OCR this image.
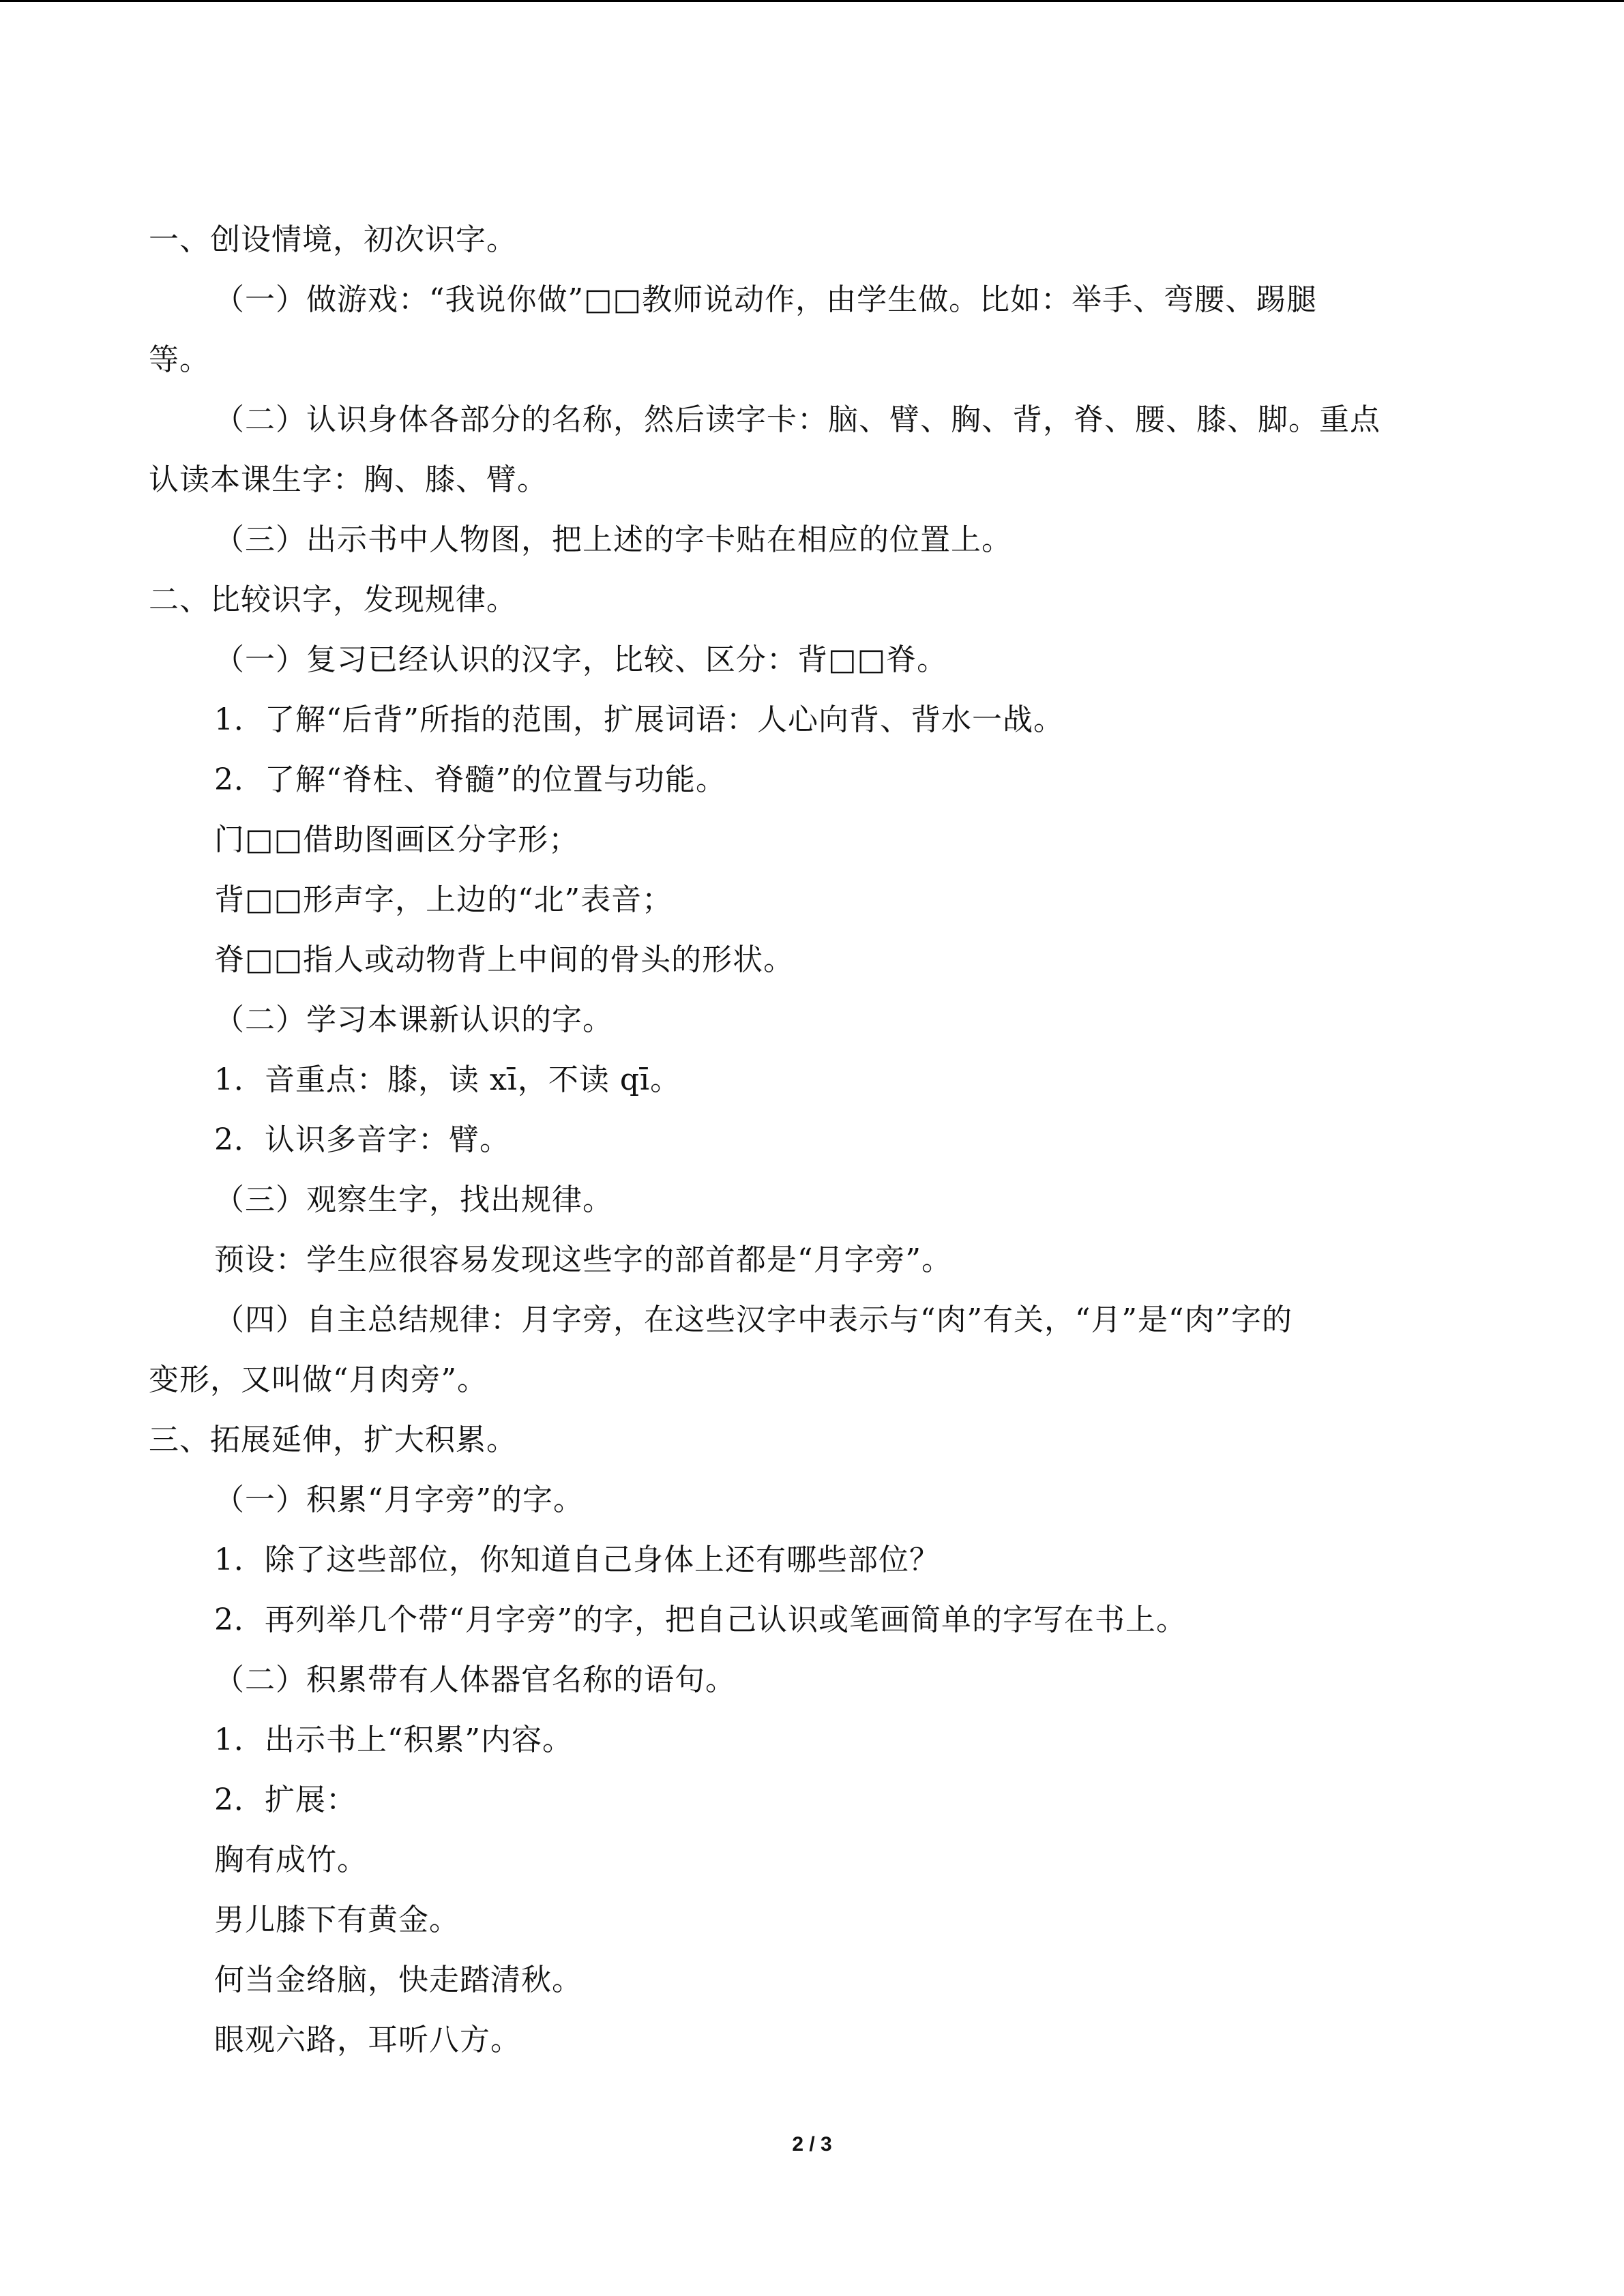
一、创设情境，初次识字。
（一）做游戏：“我说你做”□□教师说动作，由学生做。比如：举手、弯腰、踢腿
等。
（二）认识身体各部分的名称，然后读字卡：脑、臂、胸、背，脊、腰、膝、脚。重点
认读本课生字：胸、膝、臂。
（三）出示书中人物图，把上述的字卡贴在相应的位置上。
二、比较识字，发现规律。
（一）复习已经认识的汉字，比较、区分：背□□脊。
1．了解“后背”所指的范围，扩展词语：人心向背、背水一战。
2．了解“脊柱、脊髓”的位置与功能。
门□□借助图画区分字形；
背□□形声字，上边的“北”表音；
脊□□指人或动物背上中间的骨头的形状。
（二）学习本课新认识的字。
1．音重点：膝，读 xī，不读 qī。
2．认识多音字：臂。
（三）观察生字，找出规律。
预设：学生应很容易发现这些字的部首都是“月字旁”。
（四）自主总结规律：月字旁，在这些汉字中表示与“肉”有关，“月”是“肉”字的
变形，又叫做“月肉旁”。
三、拓展延伸，扩大积累。
（一）积累“月字旁”的字。
1．除了这些部位，你知道自己身体上还有哪些部位？
2．再列举几个带“月字旁”的字，把自己认识或笔画简单的字写在书上。
（二）积累带有人体器官名称的语句。
1．出示书上“积累”内容。
2．扩展：
胸有成竹。
男儿膝下有黄金。
何当金络脑，快走踏清秋。
眼观六路，耳听八方。
2 / 3
